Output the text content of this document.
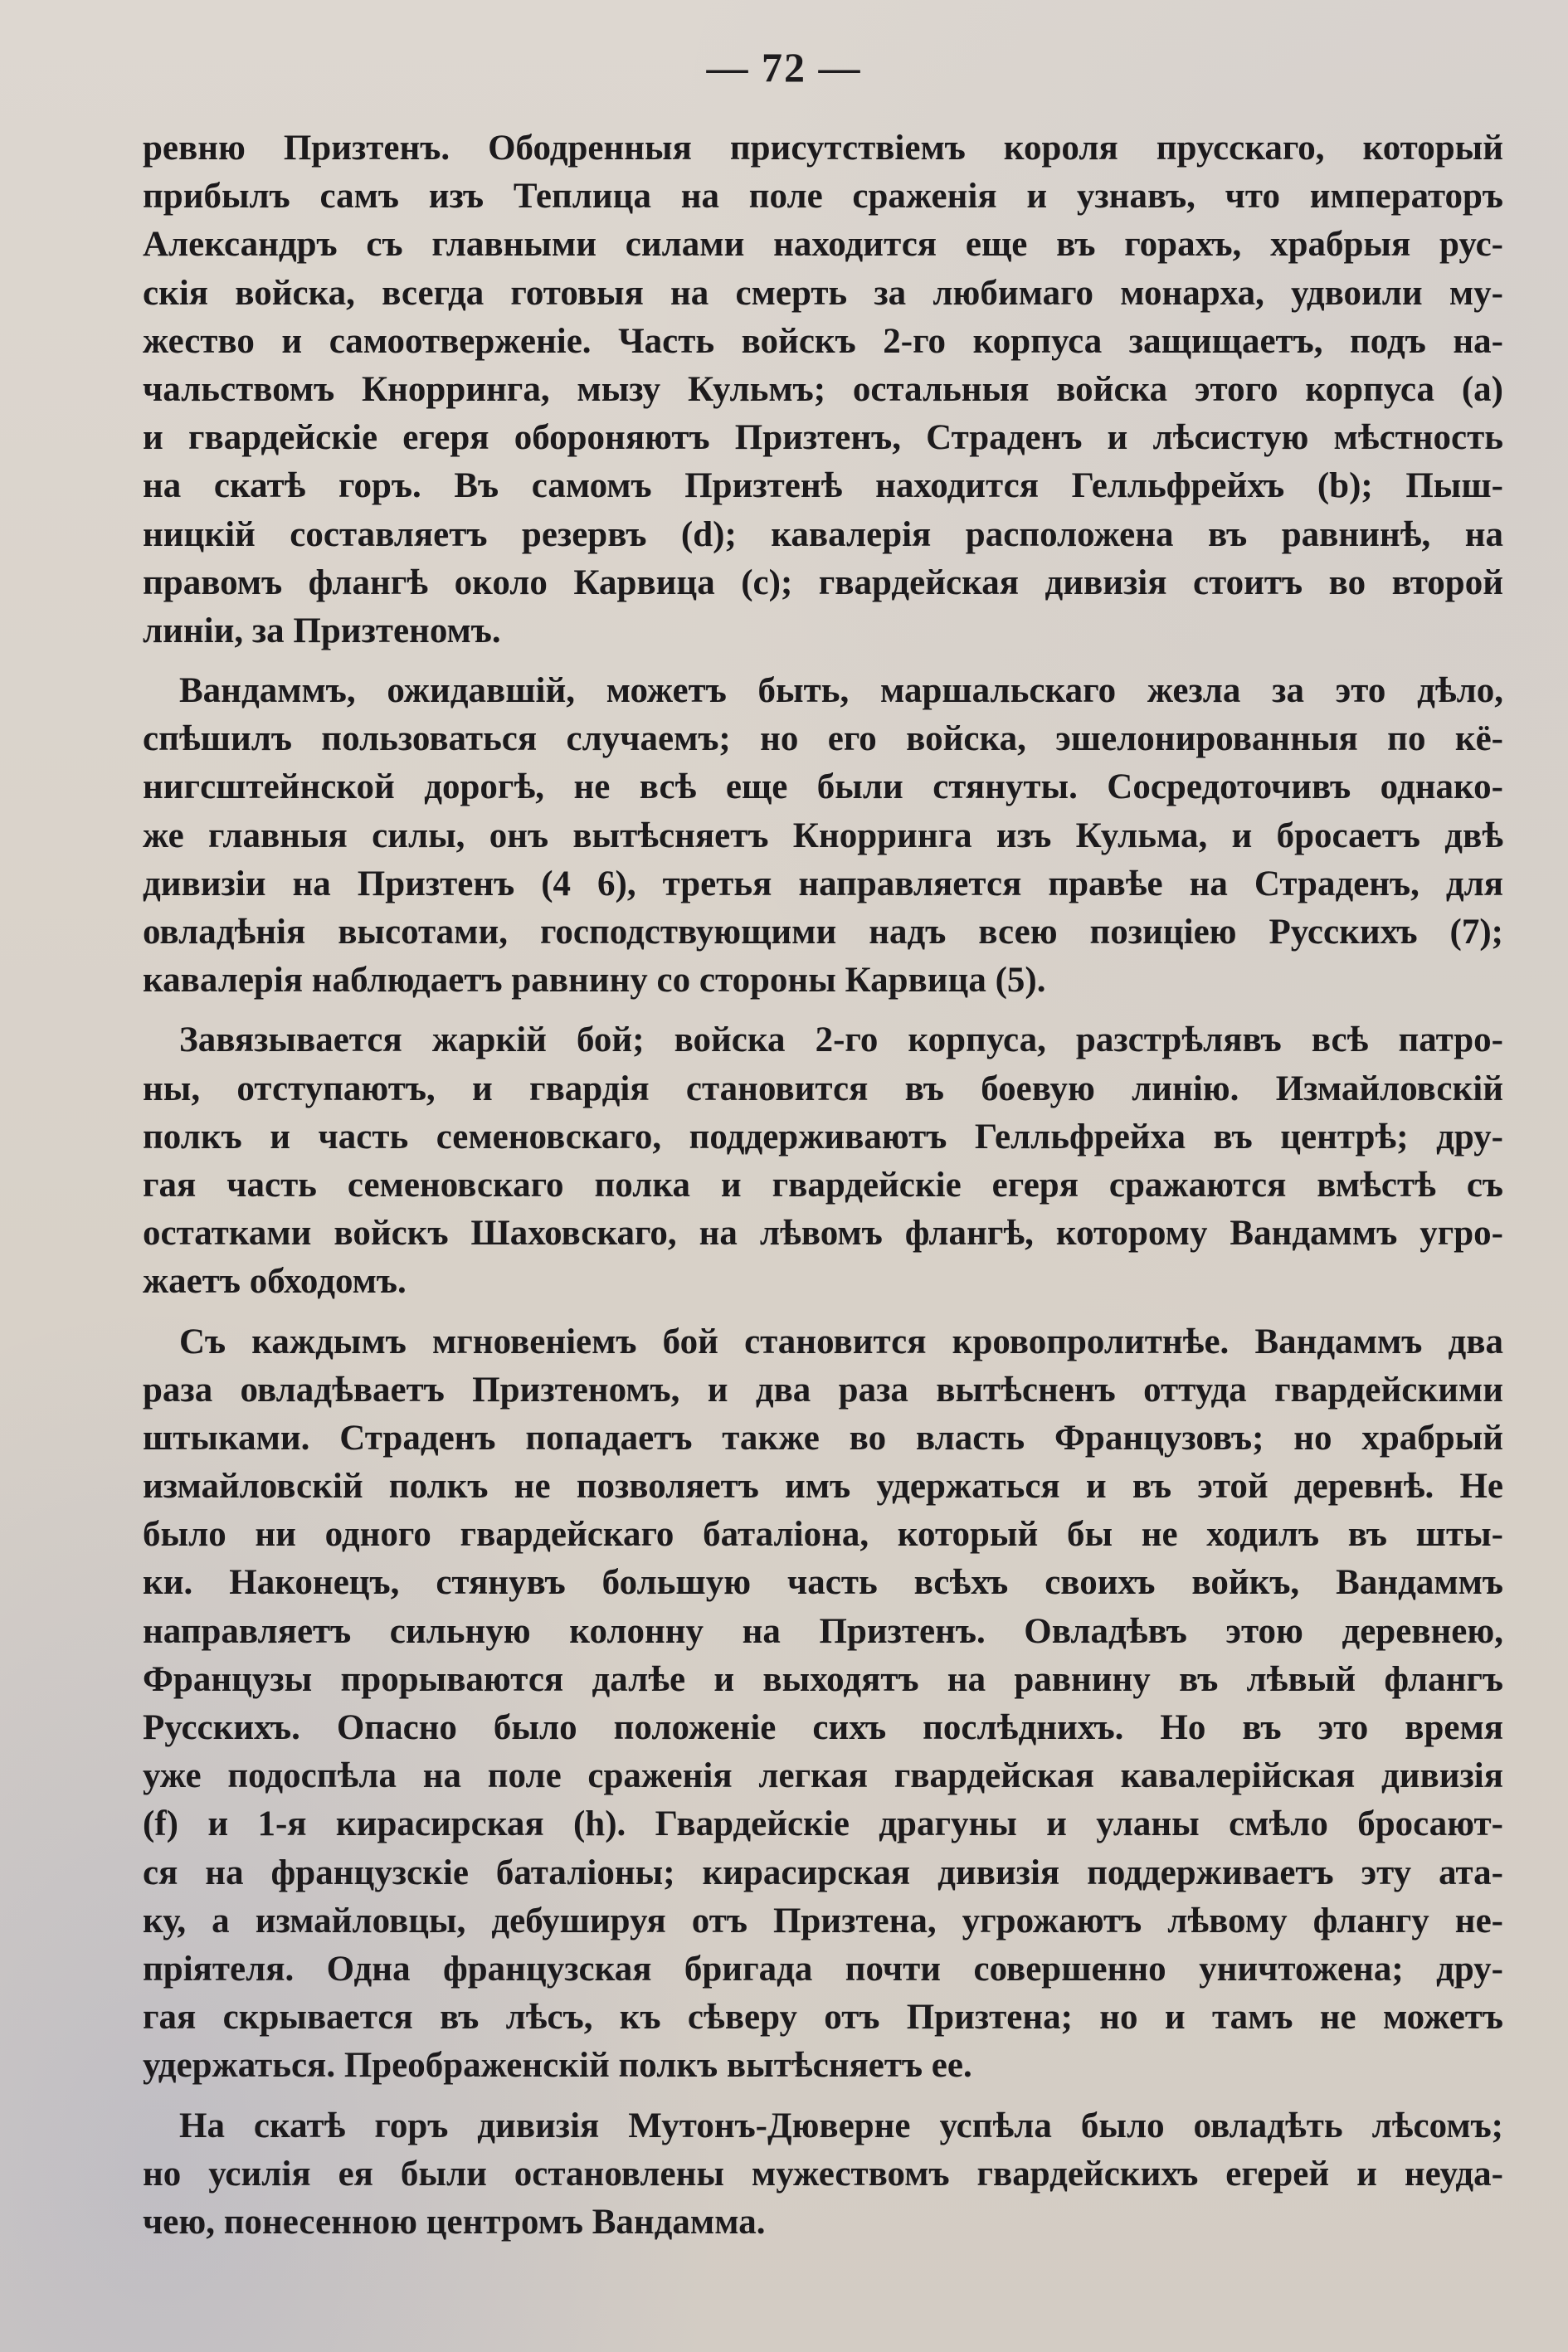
— 72 —
ревню Призтенъ. Ободренныя присутствіемъ короля прусскаго, который
прибылъ самъ изъ Теплица на поле сраженія и узнавъ, что императоръ
Александръ съ главными силами находится еще въ горахъ, храбрыя рус-
скія войска, всегда готовыя на смерть за любимаго монарха, удвоили му-
жество и самоотверженіе. Часть войскъ 2-го корпуса защищаетъ, подъ на-
чальствомъ Кнорринга, мызу Кульмъ; остальныя войска этого корпуса (a)
и гвардейскіе егеря обороняютъ Призтенъ, Страденъ и лѣсистую мѣстность
на скатѣ горъ. Въ самомъ Призтенѣ находится Гелльфрейхъ (b); Пыш-
ницкій составляетъ резервъ (d); кавалерія расположена въ равнинѣ, на
правомъ флангѣ около Карвица (c); гвардейская дивизія стоитъ во второй
линіи, за Призтеномъ.
Вандаммъ, ожидавшій, можетъ быть, маршальскаго жезла за это дѣло,
спѣшилъ пользоваться случаемъ; но его войска, эшелонированныя по кё-
нигсштейнской дорогѣ, не всѣ еще были стянуты. Сосредоточивъ однако-
же главныя силы, онъ вытѣсняетъ Кнорринга изъ Кульма, и бросаетъ двѣ
дивизіи на Призтенъ (4 6), третья направляется правѣе на Страденъ, для
овладѣнія высотами, господствующими надъ всею позиціею Русскихъ (7);
кавалерія наблюдаетъ равнину со стороны Карвица (5).
Завязывается жаркій бой; войска 2-го корпуса, разстрѣлявъ всѣ патро-
ны, отступаютъ, и гвардія становится въ боевую линію. Измайловскій
полкъ и часть семеновскаго, поддерживаютъ Гелльфрейха въ центрѣ; дру-
гая часть семеновскаго полка и гвардейскіе егеря сражаются вмѣстѣ съ
остатками войскъ Шаховскаго, на лѣвомъ флангѣ, которому Вандаммъ угро-
жаетъ обходомъ.
Съ каждымъ мгновеніемъ бой становится кровопролитнѣе. Вандаммъ два
раза овладѣваетъ Призтеномъ, и два раза вытѣсненъ оттуда гвардейскими
штыками. Страденъ попадаетъ также во власть Французовъ; но храбрый
измайловскій полкъ не позволяетъ имъ удержаться и въ этой деревнѣ. Не
было ни одного гвардейскаго баталіона, который бы не ходилъ въ шты-
ки. Наконецъ, стянувъ большую часть всѣхъ своихъ войкъ, Вандаммъ
направляетъ сильную колонну на Призтенъ. Овладѣвъ этою деревнею,
Французы прорываются далѣе и выходятъ на равнину въ лѣвый флангъ
Русскихъ. Опасно было положеніе сихъ послѣднихъ. Но въ это время
уже подоспѣла на поле сраженія легкая гвардейская кавалерійская дивизія
(f) и 1-я кирасирская (h). Гвардейскіе драгуны и уланы смѣло бросают-
ся на французскіе баталіоны; кирасирская дивизія поддерживаетъ эту ата-
ку, а измайловцы, дебушируя отъ Призтена, угрожаютъ лѣвому флангу не-
пріятеля. Одна французская бригада почти совершенно уничтожена; дру-
гая скрывается въ лѣсъ, къ сѣверу отъ Призтена; но и тамъ не можетъ
удержаться. Преображенскій полкъ вытѣсняетъ ее.
На скатѣ горъ дивизія Мутонъ-Дюверне успѣла было овладѣть лѣсомъ;
но усилія ея были остановлены мужествомъ гвардейскихъ егерей и неуда-
чею, понесенною центромъ Вандамма.
